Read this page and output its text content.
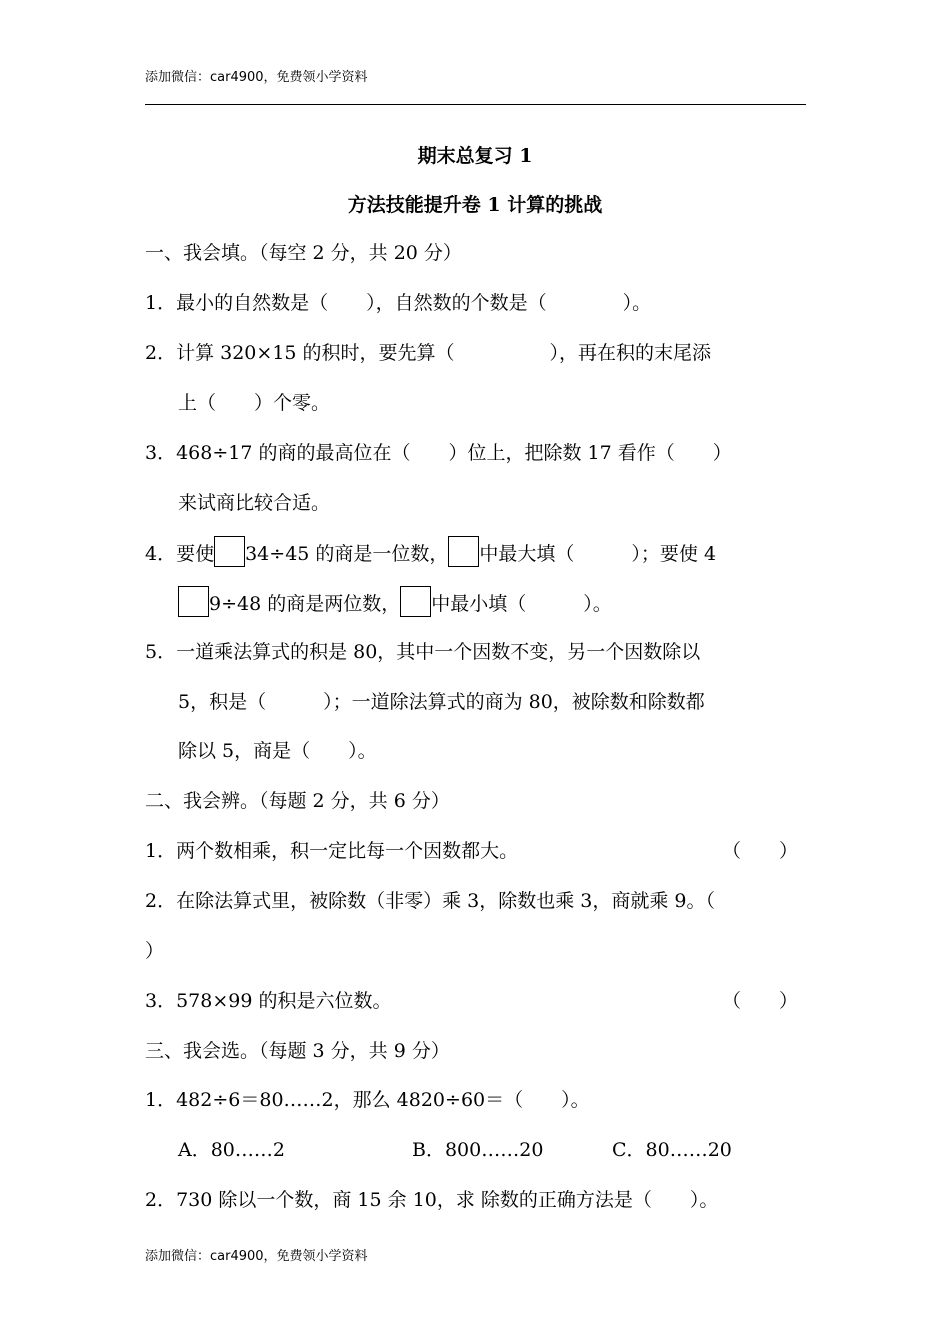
添加微信：car4900，免费领小学资料
期末总复习 1
方法技能提升卷 1 计算的挑战
一、我会填。（每空 2 分，共 20 分）
1．最小的自然数是（　　），自然数的个数是（　　　　）。
2．计算 320×15 的积时，要先算（　　　　　），再在积的末尾添
上（　　）个零。
3．468÷17 的商的最高位在（　　）位上，把除数 17 看作（　　）
来试商比较合适。
4．要使 34÷45 的商是一位数， 中最大填（　　　）；要使 4
9÷48 的商是两位数， 中最小填（　　　）。
5．一道乘法算式的积是 80，其中一个因数不变，另一个因数除以
5，积是（　　　）；一道除法算式的商为 80，被除数和除数都
除以 5，商是（　　）。
二、我会辨。（每题 2 分，共 6 分）
1．两个数相乘，积一定比每一个因数都大。	（　　）
2．在除法算式里，被除数（非零）乘 3，除数也乘 3，商就乘 9。（
）
3．578×99 的积是六位数。	（　　）
三、我会选。（每题 3 分，共 9 分）
1．482÷6＝80……2，那么 4820÷60＝（　　）。
A．80……2	B．800……20	C．80……20
2．730 除以一个数，商 15 余 10，求 除数的正确方法是（　　）。
添加微信：car4900，免费领小学资料
